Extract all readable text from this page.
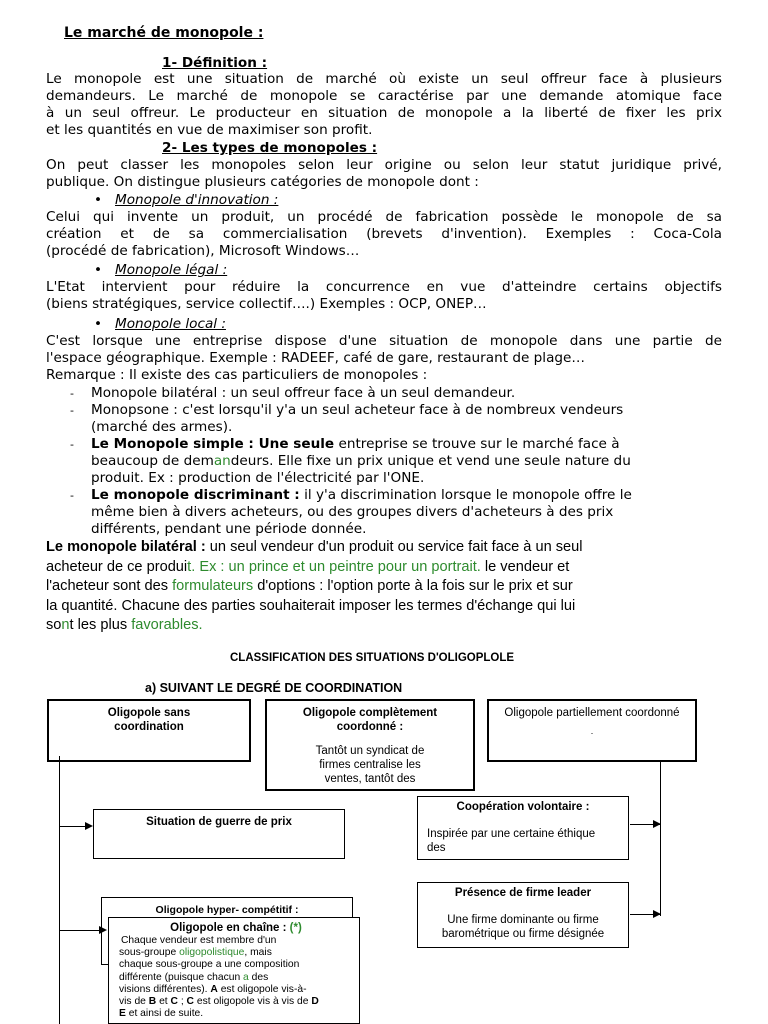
Le marché de monopole :

1- Définition :

Le monopole est une situation de marché où existe un seul offreur face à plusieurs

demandeurs. Le marché de monopole se caractérise par une demande atomique face

à un seul offreur. Le producteur en situation de monopole a la liberté de fixer les prix

et les quantités en vue de maximiser son profit.

2- Les types de monopoles :

On peut classer les monopoles selon leur origine ou selon leur statut juridique privé,

publique. On distingue plusieurs catégories de monopole dont :

• Monopole d'innovation :

Celui qui invente un produit, un procédé de fabrication possède le monopole de sa

création et de sa commercialisation (brevets d'invention). Exemples : Coca-Cola

(procédé de fabrication), Microsoft Windows…

• Monopole légal :

L'Etat intervient pour réduire la concurrence en vue d'atteindre certains objectifs

(biens stratégiques, service collectif….) Exemples : OCP, ONEP…

• Monopole local :

C'est lorsque une entreprise dispose d'une situation de monopole dans une partie de

l'espace géographique. Exemple : RADEEF, café de gare, restaurant de plage…

Remarque : Il existe des cas particuliers de monopoles :

- Monopole bilatéral : un seul offreur face à un seul demandeur.

- Monopsone : c'est lorsqu'il y'a un seul acheteur face à de nombreux vendeurs

(marché des armes).

- Le Monopole simple : Une seule entreprise se trouve sur le marché face à

beaucoup de demandeurs. Elle fixe un prix unique et vend une seule nature du

produit. Ex : production de l'électricité par l'ONE.

- Le monopole discriminant : il y'a discrimination lorsque le monopole offre le

même bien à divers acheteurs, ou des groupes divers d'acheteurs à des prix

différents, pendant une période donnée.

Le monopole bilatéral : un seul vendeur d'un produit ou service fait face à un seul
acheteur de ce produit. Ex : un prince et un peintre pour un portrait. le vendeur et
l'acheteur sont des formulateurs d'options : l'option porte à la fois sur le prix et sur
la quantité. Chacune des parties souhaiterait imposer les termes d'échange qui lui
sont les plus favorables.

CLASSIFICATION DES SITUATIONS D'OLIGOPLOLE

a) SUIVANT LE DEGRÉ DE COORDINATION

Oligopole sans coordination

Oligopole complètement coordonné :

Tantôt un syndicat de firmes centralise les ventes, tantôt des

Oligopole partiellement coordonné

.

Situation de guerre de prix

Coopération volontaire :

Inspirée par une certaine éthique des

Présence de firme leader

Une firme dominante ou firme barométrique ou firme désignée

Oligopole hyper- compétitif :

Oligopole en chaîne : (*)

Chaque vendeur est membre d'un

sous-groupe oligopolistique, mais

chaque sous-groupe a une composition

différente (puisque chacun a des

visions différentes). A est oligopole vis-à-

vis de B et C ; C est oligopole vis à vis de D

E et ainsi de suite.
